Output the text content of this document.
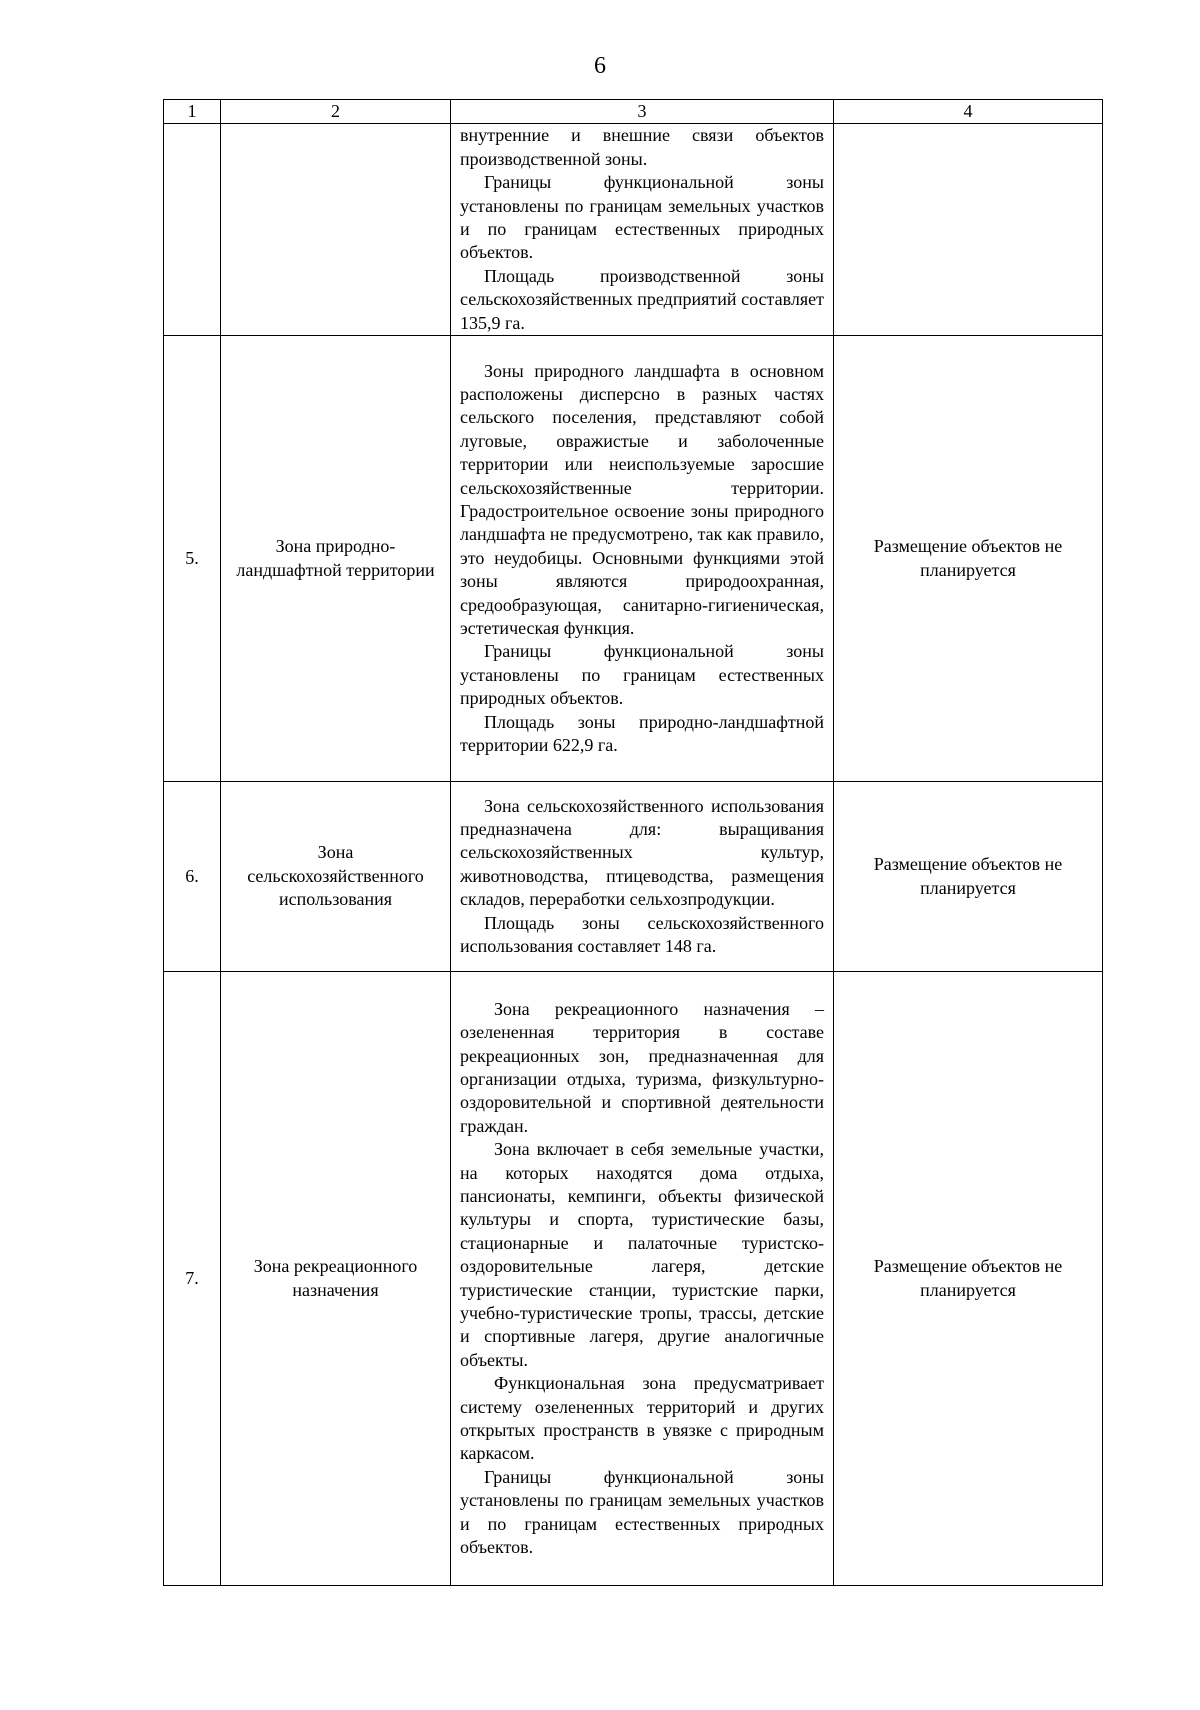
6
1	2	3	4

		внутренние и внешние связи объектов производственной зоны.
Границы функциональной зоны установлены по границам земельных участков и по границам естественных природных объектов.
Площадь производственной зоны сельскохозяйственных предприятий составляет 135,9 га.	

5.	Зона природно-ландшафтной территории	Зоны природного ландшафта в основном расположены дисперсно в разных частях сельского поселения, представляют собой луговые, овражистые и заболоченные территории или неиспользуемые заросшие сельскохозяйственные территории. Градостроительное освоение зоны природного ландшафта не предусмотрено, так как правило, это неудобицы. Основными функциями этой зоны являются природоохранная, средообразующая, санитарно-гигиеническая, эстетическая функция.
Границы функциональной зоны установлены по границам естественных природных объектов.
Площадь зоны природно-ландшафтной территории 622,9 га.	Размещение объектов не планируется
6.	Зона сельскохозяйственного использования	Зона сельскохозяйственного использования предназначена для: выращивания сельскохозяйственных культур, животноводства, птицеводства, размещения складов, переработки сельхозпродукции.
Площадь зоны сельскохозяйственного использования составляет 148 га.	Размещение объектов не планируется
7.	Зона рекреационного назначения	Зона рекреационного назначения – озелененная территория в составе рекреационных зон, предназначенная для организации отдыха, туризма, физкультурно-оздоровительной и спортивной деятельности граждан.
Зона включает в себя земельные участки, на которых находятся дома отдыха, пансионаты, кемпинги, объекты физической культуры и спорта, туристические базы, стационарные и палаточные туристско-оздоровительные лагеря, детские туристические станции, туристские парки, учебно-туристические тропы, трассы, детские и спортивные лагеря, другие аналогичные объекты.
Функциональная зона предусматривает систему озелененных территорий и других открытых пространств в увязке с природным каркасом.
Границы функциональной зоны установлены по границам земельных участков и по границам естественных природных объектов.	Размещение объектов не планируется
